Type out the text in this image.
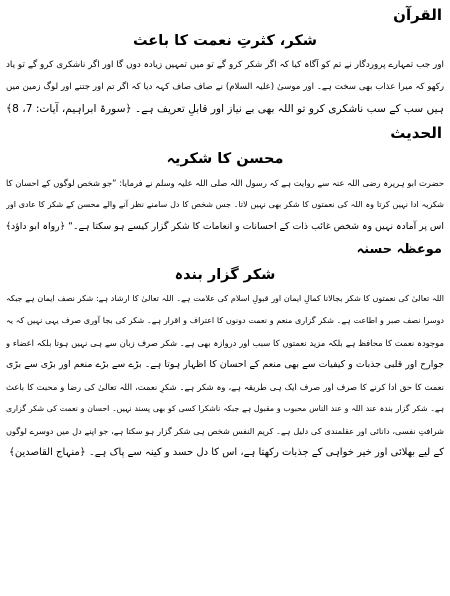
القرآن
شکر، کثرتِ نعمت کا باعث
اور جب تمہارے پروردگار نے تم کو آگاہ کیا کہ اگر شکر کرو گے تو میں تمہیں زیادہ دوں گا اور اگر ناشکری کرو گے تو یاد
رکھو کہ میرا عذاب بھی سخت ہے۔ اور موسیٰ (علیہ السلام) نے صاف صاف کہہ دیا کہ اگر تم اور جتنے اور لوگ زمین میں
ہیں سب کے سب ناشکری کرو تو اللہ بھی بے نیاز اور قابلِ تعریف ہے۔ ﴿سورۃ ابراہیم، آیات: 7، 8﴾
الحدیث
محسن کا شکریہ
حضرت ابو ہریرہ رضی اللہ عنہ سے روایت ہے کہ رسول اللہ صلی اللہ علیہ وسلم نے فرمایا: ”جو شخص لوگوں کے احسان کا
شکریہ ادا نہیں کرتا وہ اللہ کی نعمتوں کا شکر بھی نہیں لاتا۔ جس شخص کا دل سامنے نظر آنے والے محسن کے شکر کا عادی اور
اس پر آمادہ نہیں وہ شخص غائب ذات کے احسانات و انعامات کا شکر گزار کیسے ہو سکتا ہے۔“ ﴿رواہ ابو داؤد﴾
موعظہ حسنہ
شکر گزار بندہ
اللہ تعالیٰ کی نعمتوں کا شکر بجالانا کمالِ ایمان اور قبولِ اسلام کی علامت ہے۔ اللہ تعالیٰ کا ارشاد ہے: شکر نصف ایمان ہے جبکہ
دوسرا نصف صبر و اطاعت ہے۔ شکر گزاری منعم و نعمت دونوں کا اعتراف و اقرار ہے۔ شکر کی بجا آوری صرف یہی نہیں کہ یہ
موجودہ نعمت کا محافظ ہے بلکہ مزید نعمتوں کا سبب اور دروازہ بھی ہے۔ شکر صرف زبان سے ہی نہیں ہوتا بلکہ اعضاء و
جوارح اور قلبی جذبات و کیفیات سے بھی منعم کے احسان کا اظہار ہوتا ہے۔ بڑے سے بڑے منعم اور بڑی سے بڑی
نعمت کا حق ادا کرنے کا صرف اور صرف ایک ہی طریقہ ہے، وہ شکر ہے۔ شکرِ نعمت، اللہ تعالیٰ کی رضا و محبت کا باعث
ہے۔ شکر گزار بندہ عند اللہ و عند الناس محبوب و مقبول ہے جبکہ ناشکرا کسی کو بھی پسند نہیں۔ احسان و نعمت کی شکر گزاری
شرافتِ نفسی، دانائی اور عقلمندی کی دلیل ہے۔ کریم النفس شخص ہی شکر گزار ہو سکتا ہے، جو اپنے دل میں دوسرے لوگوں
کے لیے بھلائی اور خیر خواہی کے جذبات رکھتا ہے، اس کا دل حسد و کینہ سے پاک ہے۔ ﴿منہاج القاصدین﴾
